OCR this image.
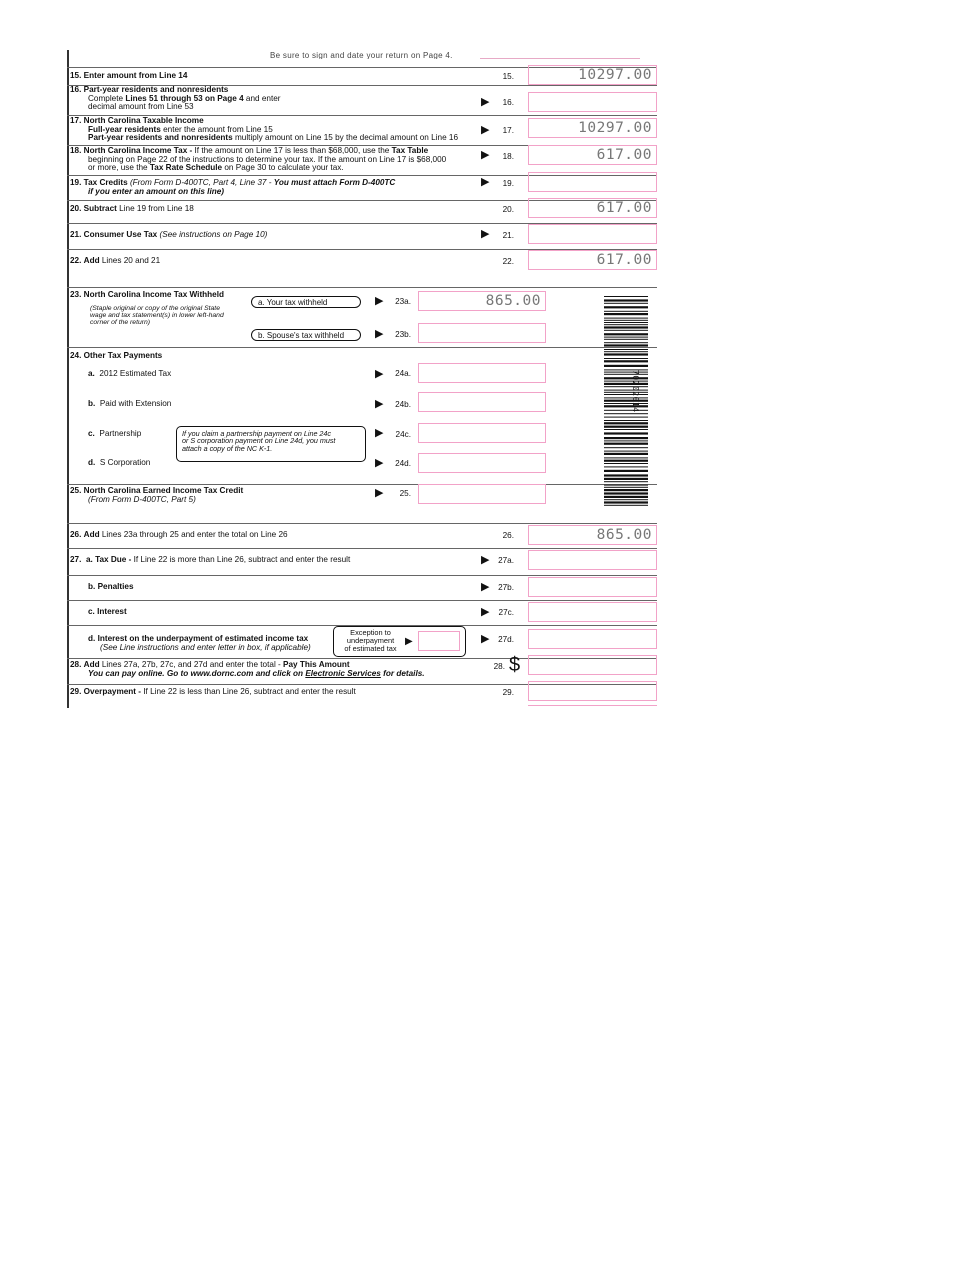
Be sure to sign and date your return on Page 4.
15. Enter amount from Line 14	15.	10297.00
16. Part-year residents and nonresidents
Complete Lines 51 through 53 on Page 4 and enter
decimal amount from Line 53	▶	16.
17. North Carolina Taxable Income
Full-year residents enter the amount from Line 15
Part-year residents and nonresidents multiply amount on Line 15 by the decimal amount on Line 16
▶	17.	10297.00
18. North Carolina Income Tax - If the amount on Line 17 is less than $68,000, use the Tax Table
beginning on Page 22 of the instructions to determine your tax. If the amount on Line 17 is $68,000
or more, use the Tax Rate Schedule on Page 30 to calculate your tax.
▶	18.	617.00
19. Tax Credits (From Form D-400TC, Part 4, Line 37 - You must attach Form D-400TC
if you enter an amount on this line)
▶	19.
20. Subtract Line 19 from Line 18	20.	617.00
21. Consumer Use Tax (See instructions on Page 10)	▶	21.
22. Add Lines 20 and 21	22.	617.00
23. North Carolina Income Tax Withheld
(Staple original or copy of the original State
wage and tax statement(s) in lower left-hand
corner of the return)
a. Your tax withheld	▶	23a.	865.00
b. Spouse's tax withheld	▶	23b.
24. Other Tax Payments
a. 2012 Estimated Tax	▶	24a.
b. Paid with Extension	▶	24b.
c. Partnership	If you claim a partnership payment on Line 24c
or S corporation payment on Line 24d, you must
attach a copy of the NC K-1.
▶	24c.
d. S Corporation	▶	24d.
25. North Carolina Earned Income Tax Credit
(From Form D-400TC, Part 5)
▶	25.
70202014
26. Add Lines 23a through 25 and enter the total on Line 26	26.	865.00
27. a. Tax Due - If Line 22 is more than Line 26, subtract and enter the result	▶	27a.
b. Penalties	▶	27b.
c. Interest	▶	27c.
d. Interest on the underpayment of estimated income tax
(See Line instructions and enter letter in box, if applicable)
Exception to
underpayment
of estimated tax
▶	▶	27d.
28. Add Lines 27a, 27b, 27c, and 27d and enter the total - Pay This Amount
You can pay online. Go to www.dornc.com and click on Electronic Services for details.
28. $
29. Overpayment - If Line 22 is less than Line 26, subtract and enter the result	29.
